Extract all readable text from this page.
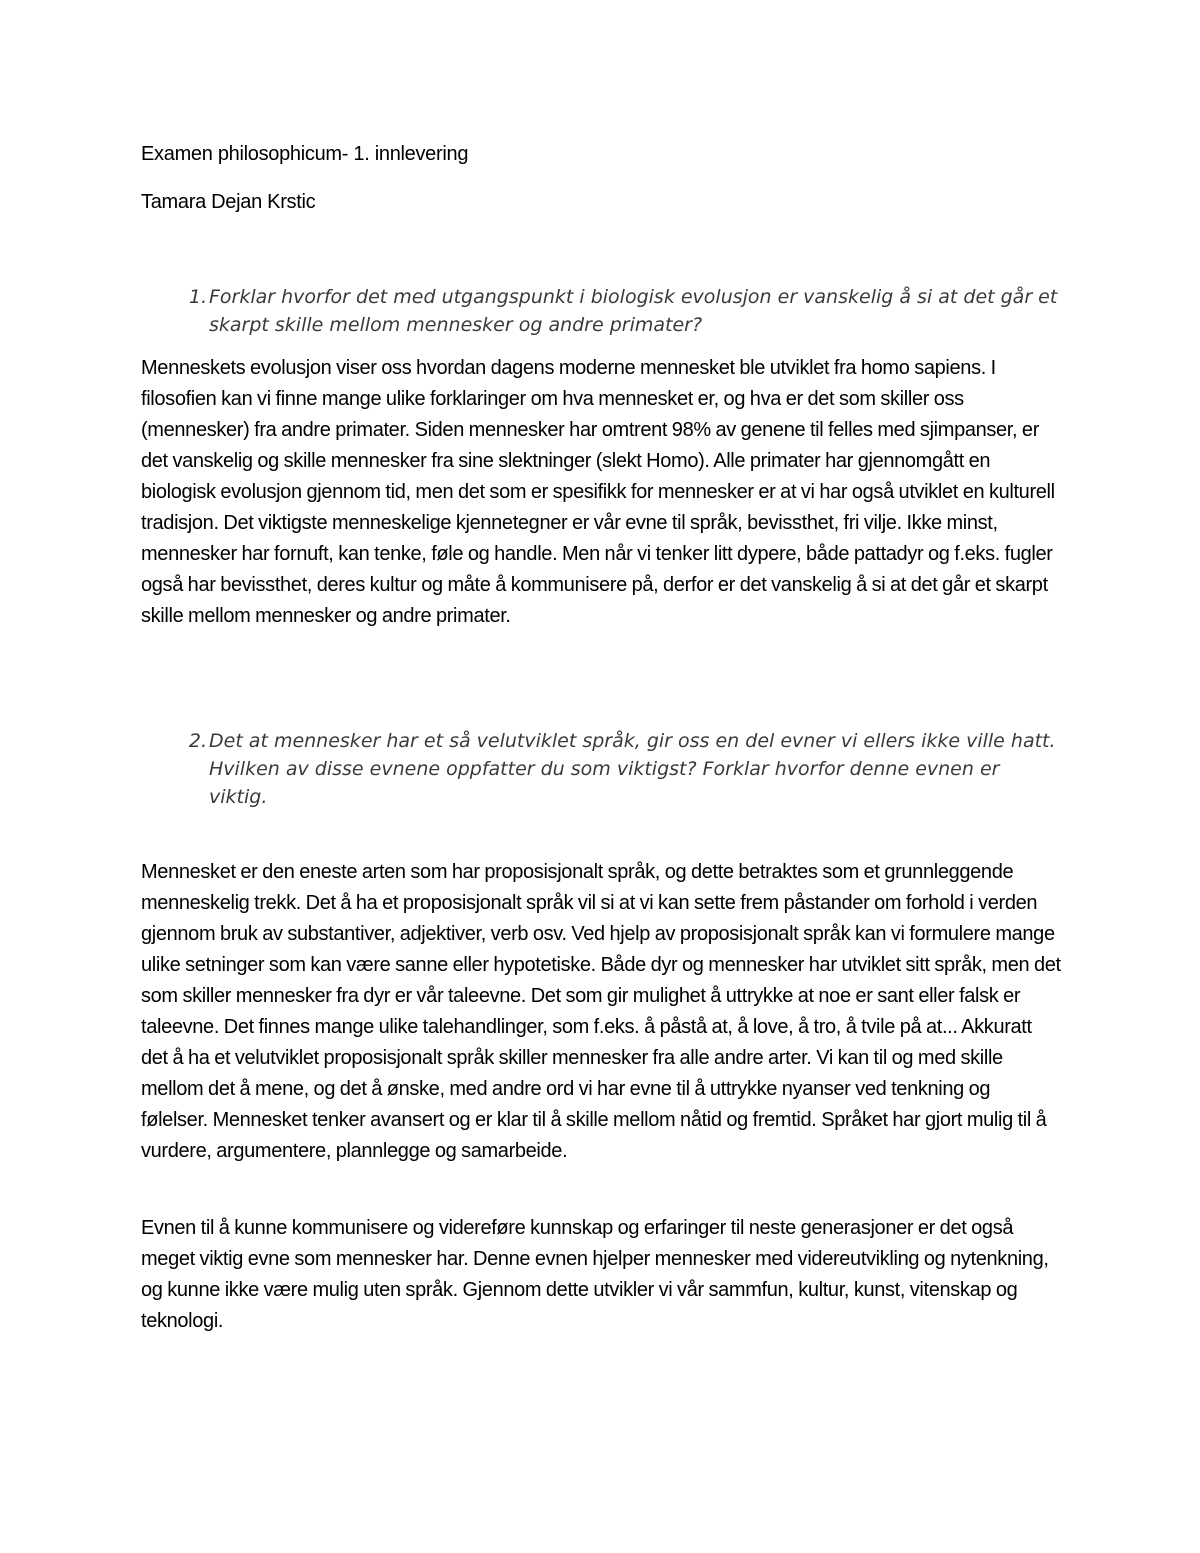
Examen philosophicum- 1. innlevering
Tamara Dejan Krstic
1. Forklar hvorfor det med utgangspunkt i biologisk evolusjon er vanskelig å si at det går et skarpt skille mellom mennesker og andre primater?

Menneskets evolusjon viser oss hvordan dagens moderne mennesket ble utviklet fra homo sapiens. I filosofien kan vi finne mange ulike forklaringer om hva mennesket er, og hva er det som skiller oss (mennesker) fra andre primater. Siden mennesker har omtrent 98% av genene til felles med sjimpanser, er det vanskelig og skille mennesker fra sine slektninger (slekt Homo). Alle primater har gjennomgått en biologisk evolusjon gjennom tid, men det som er spesifikk for mennesker er at vi har også utviklet en kulturell tradisjon. Det viktigste menneskelige kjennetegner er vår evne til språk, bevissthet, fri vilje. Ikke minst, mennesker har fornuft, kan tenke, føle og handle. Men når vi tenker litt dypere, både pattadyr og f.eks. fugler også har bevissthet, deres kultur og måte å kommunisere på, derfor er det vanskelig å si at det går et skarpt skille mellom mennesker og andre primater.

2. Det at mennesker har et så velutviklet språk, gir oss en del evner vi ellers ikke ville hatt. Hvilken av disse evnene oppfatter du som viktigst? Forklar hvorfor denne evnen er viktig.

Mennesket er den eneste arten som har proposisjonalt språk, og dette betraktes som et grunnleggende menneskelig trekk. Det å ha et proposisjonalt språk vil si at vi kan sette frem påstander om forhold i verden gjennom bruk av substantiver, adjektiver, verb osv. Ved hjelp av proposisjonalt språk kan vi formulere mange ulike setninger som kan være sanne eller hypotetiske. Både dyr og mennesker har utviklet sitt språk, men det som skiller mennesker fra dyr er vår taleevne. Det som gir mulighet å uttrykke at noe er sant eller falsk er taleevne. Det finnes mange ulike talehandlinger, som f.eks. å påstå at, å love, å tro, å tvile på at... Akkuratt det å ha et velutviklet proposisjonalt språk skiller mennesker fra alle andre arter. Vi kan til og med skille mellom det å mene, og det å ønske, med andre ord vi har evne til å uttrykke nyanser ved tenkning og følelser. Mennesket tenker avansert og er klar til å skille mellom nåtid og fremtid. Språket har gjort mulig til å vurdere, argumentere, plannlegge og samarbeide.

Evnen til å kunne kommunisere og videreføre kunnskap og erfaringer til neste generasjoner er det også meget viktig evne som mennesker har. Denne evnen hjelper mennesker med videreutvikling og nytenkning, og kunne ikke være mulig uten språk. Gjennom dette utvikler vi vår sammfun, kultur, kunst, vitenskap og teknologi.
